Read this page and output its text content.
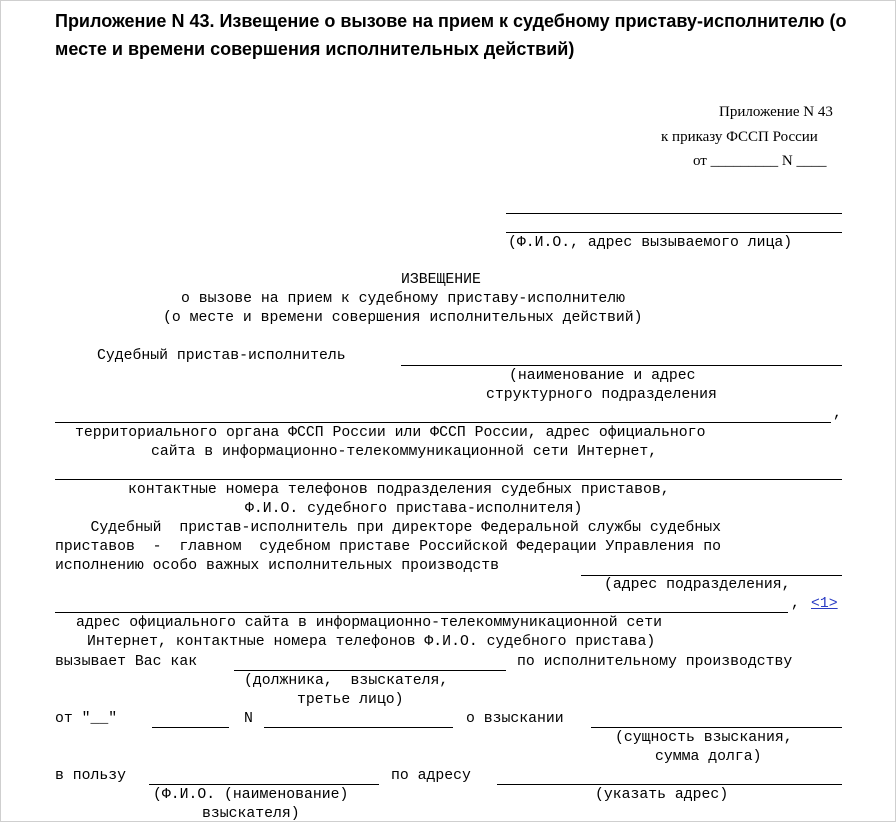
Приложение N 43. Извещение о вызове на прием к судебному приставу-исполнителю (о месте и времени совершения исполнительных действий)
Приложение N 43
к приказу ФССП России
от _________ N ____
(Ф.И.О., адрес вызываемого лица)
ИЗВЕЩЕНИЕ
о вызове на прием к судебному приставу-исполнителю
(о месте и времени совершения исполнительных действий)
Судебный пристав-исполнитель
(наименование и адрес
структурного подразделения
,
территориального органа ФССП России или ФССП России, адрес официального
сайта в информационно-телекоммуникационной сети Интернет,
контактные номера телефонов подразделения судебных приставов,
Ф.И.О. судебного пристава-исполнителя)
Судебный  пристав-исполнитель при директоре Федеральной службы судебных
приставов  -  главном  судебном приставе Российской Федерации Управления по
исполнению особо важных исполнительных производств
(адрес подразделения,
, <1>
адрес официального сайта в информационно-телекоммуникационной сети
Интернет, контактные номера телефонов Ф.И.О. судебного пристава)
вызывает Вас как	по исполнительному производству
(должника,  взыскателя,
третье лицо)
от "__"	N	о взыскании
(сущность взыскания,
сумма долга)
в пользу	по адресу
(Ф.И.О. (наименование)
взыскателя)
(указать адрес)
